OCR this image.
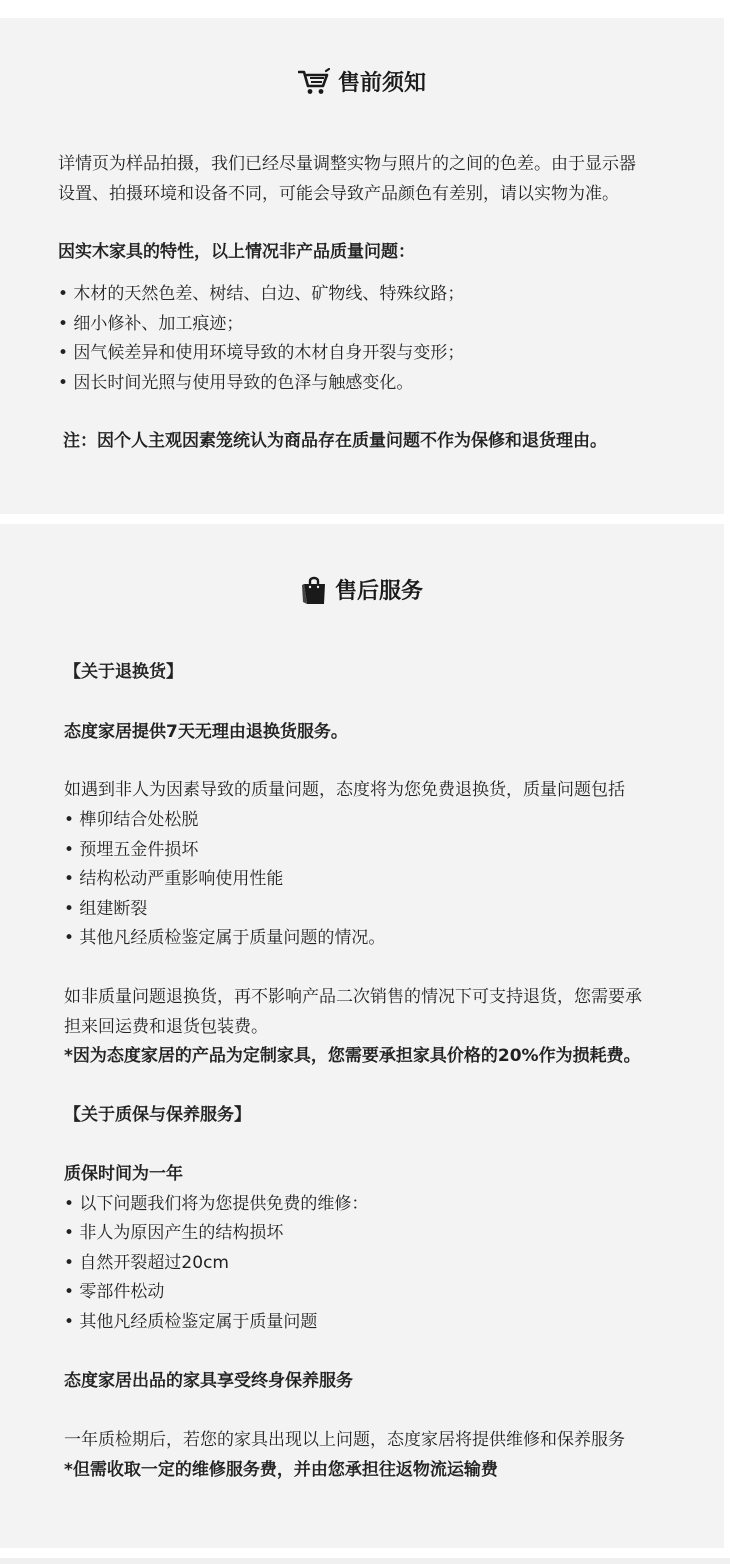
售前须知
详情页为样品拍摄，我们已经尽量调整实物与照片的之间的色差。由于显示器
设置、拍摄环境和设备不同，可能会导致产品颜色有差别，请以实物为准。
因实木家具的特性，以上情况非产品质量问题：
• 木材的天然色差、树结、白边、矿物线、特殊纹路；
• 细小修补、加工痕迹；
• 因气候差异和使用环境导致的木材自身开裂与变形；
• 因长时间光照与使用导致的色泽与触感变化。
注：因个人主观因素笼统认为商品存在质量问题不作为保修和退货理由。
售后服务
【关于退换货】
态度家居提供7天无理由退换货服务。
如遇到非人为因素导致的质量问题，态度将为您免费退换货，质量问题包括
• 榫卯结合处松脱
• 预埋五金件损坏
• 结构松动严重影响使用性能
• 组建断裂
• 其他凡经质检鉴定属于质量问题的情况。
如非质量问题退换货，再不影响产品二次销售的情况下可支持退货，您需要承
担来回运费和退货包装费。
*因为态度家居的产品为定制家具，您需要承担家具价格的20%作为损耗费。
【关于质保与保养服务】
质保时间为一年
• 以下问题我们将为您提供免费的维修：
• 非人为原因产生的结构损坏
• 自然开裂超过20cm
• 零部件松动
• 其他凡经质检鉴定属于质量问题
态度家居出品的家具享受终身保养服务
一年质检期后，若您的家具出现以上问题，态度家居将提供维修和保养服务
*但需收取一定的维修服务费，并由您承担往返物流运输费
